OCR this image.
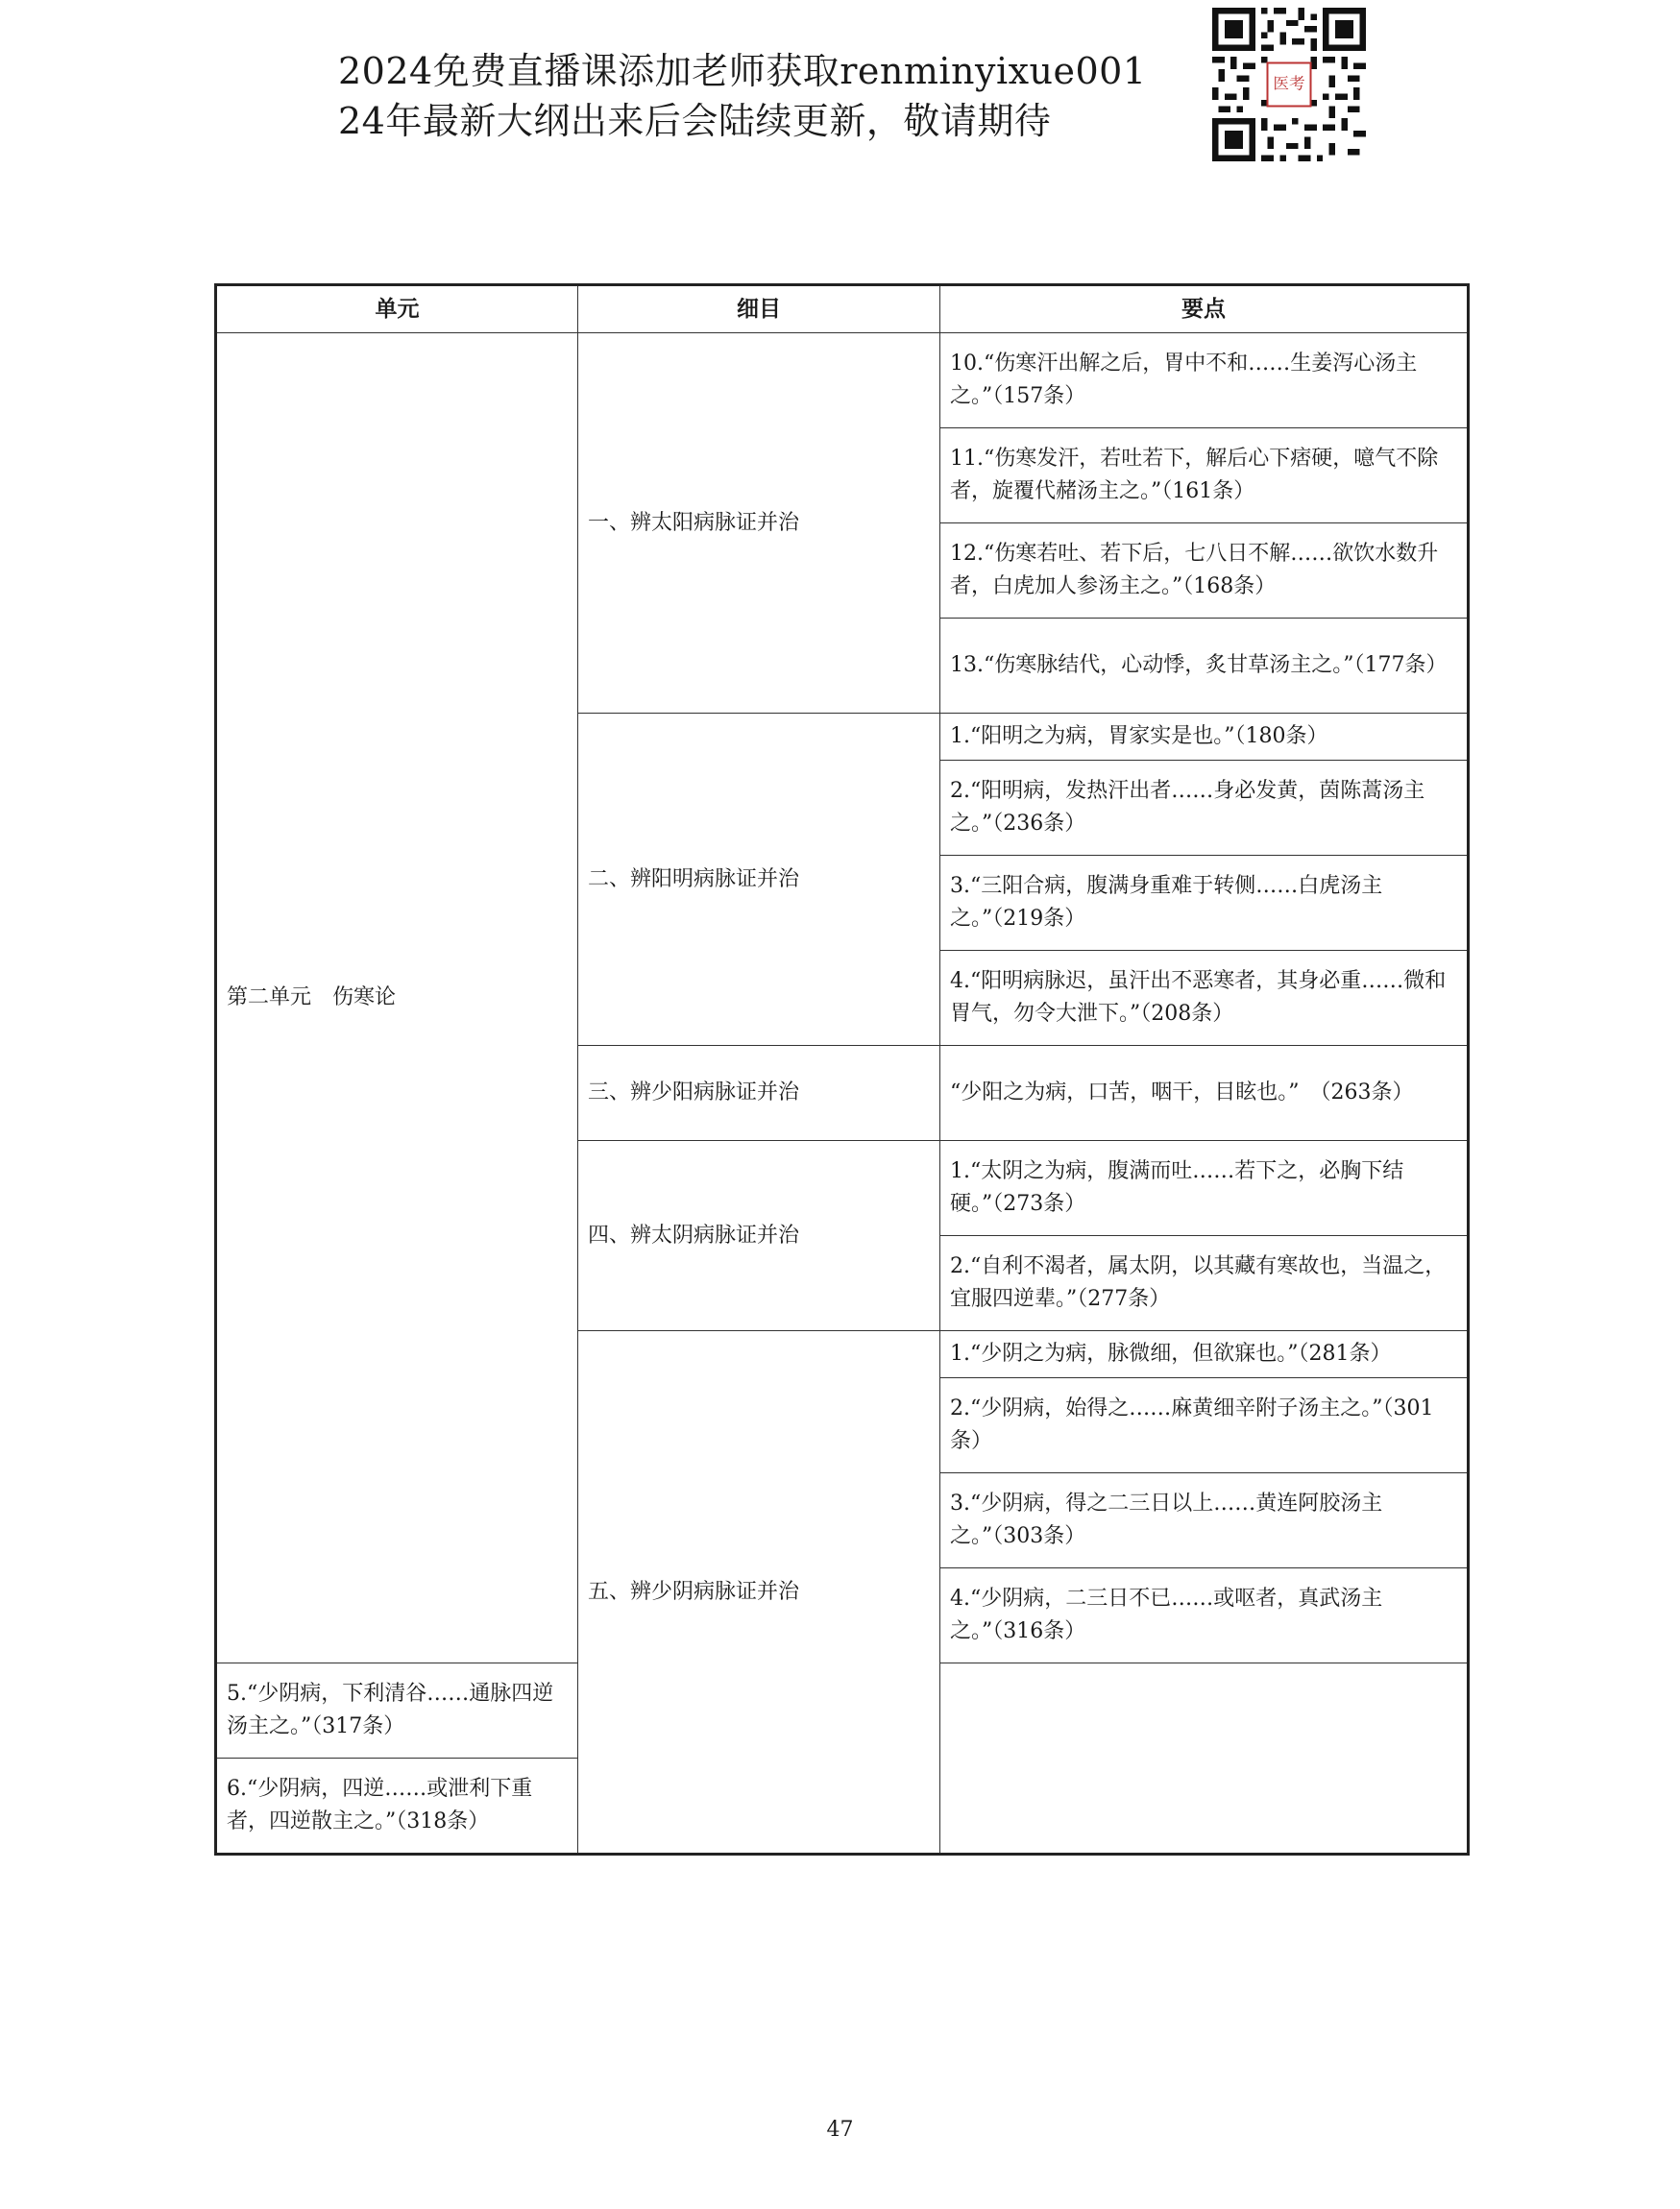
2024免费直播课添加老师获取renminyixue001
24年最新大纲出来后会陆续更新，敬请期待
医考
单元	细目	要点
第二单元　伤寒论	一、辨太阳病脉证并治	10.“伤寒汗出解之后，胃中不和……生姜泻心汤主之。”（157条）
		11.“伤寒发汗，若吐若下，解后心下痞硬，噫气不除者，旋覆代赭汤主之。”（161条）
		12.“伤寒若吐、若下后，七八日不解……欲饮水数升者，白虎加人参汤主之。”（168条）
		13.“伤寒脉结代，心动悸，炙甘草汤主之。”（177条）
	二、辨阳明病脉证并治	1.“阳明之为病，胃家实是也。”（180条）
		2.“阳明病，发热汗出者……身必发黄，茵陈蒿汤主之。”（236条）
		3.“三阳合病，腹满身重难于转侧……白虎汤主之。”（219条）
		4.“阳明病脉迟，虽汗出不恶寒者，其身必重……微和胃气，勿令大泄下。”（208条）
	三、辨少阳病脉证并治	“少阳之为病，口苦，咽干，目眩也。”　（263条）
	四、辨太阴病脉证并治	1.“太阴之为病，腹满而吐……若下之，必胸下结硬。”（273条）
		2.“自利不渴者，属太阴，以其藏有寒故也，当温之，宜服四逆辈。”（277条）
	五、辨少阴病脉证并治	1.“少阴之为病，脉微细，但欲寐也。”（281条）
		2.“少阴病，始得之……麻黄细辛附子汤主之。”（301条）
		3.“少阴病，得之二三日以上……黄连阿胶汤主之。”（303条）
		4.“少阴病，二三日不已……或呕者，真武汤主之。”（316条）
5.“少阴病，下利清谷……通脉四逆汤主之。”（317条）		
6.“少阴病，四逆……或泄利下重者，四逆散主之。”（318条）		
47
